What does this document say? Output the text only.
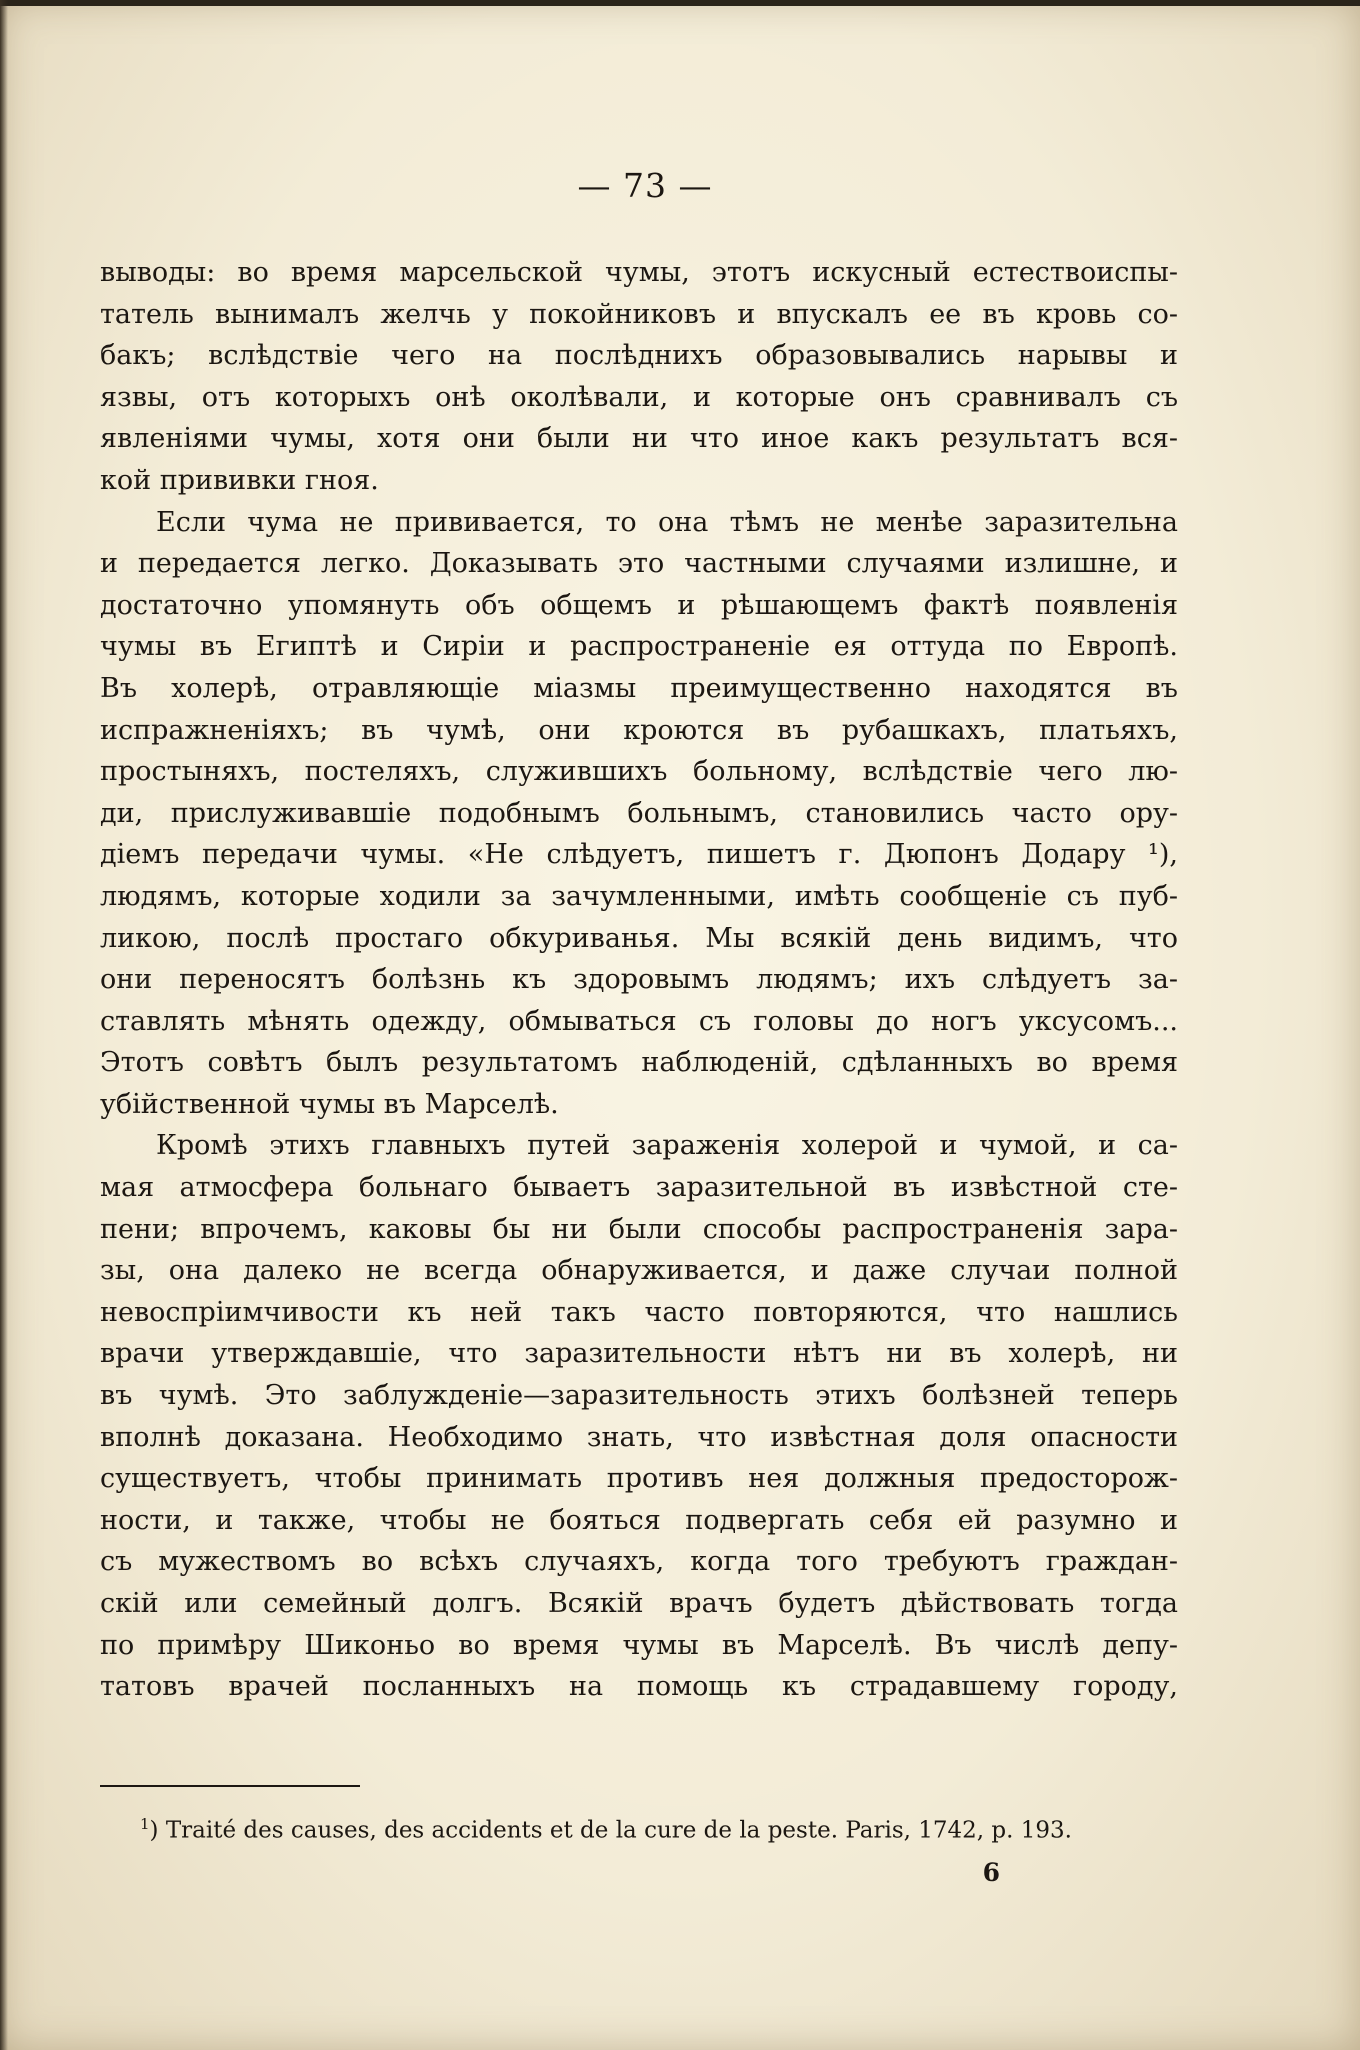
— 73 —
выводы: во время марсельской чумы, этотъ искусный естествоиспы-
татель вынималъ желчь у покойниковъ и впускалъ ее въ кровь со-
бакъ; вслѣдствіе чего на послѣднихъ образовывались нарывы и
язвы, отъ которыхъ онѣ околѣвали, и которые онъ сравнивалъ съ
явленіями чумы, хотя они были ни что иное какъ результатъ вся-
кой прививки гноя.
Если чума не прививается, то она тѣмъ не менѣе заразительна
и передается легко. Доказывать это частными случаями излишне, и
достаточно упомянуть объ общемъ и рѣшающемъ фактѣ появленія
чумы въ Египтѣ и Сиріи и распространеніе ея оттуда по Европѣ.
Въ холерѣ, отравляющіе міазмы преимущественно находятся въ
испражненіяхъ; въ чумѣ, они кроются въ рубашкахъ, платьяхъ,
простыняхъ, постеляхъ, служившихъ больному, вслѣдствіе чего лю-
ди, прислуживавшіе подобнымъ больнымъ, становились часто ору-
діемъ передачи чумы. «Не слѣдуетъ, пишетъ г. Дюпонъ Додару ¹),
людямъ, которые ходили за зачумленными, имѣть сообщеніе съ пуб-
ликою, послѣ простаго обкуриванья. Мы всякій день видимъ, что
они переносятъ болѣзнь къ здоровымъ людямъ; ихъ слѣдуетъ за-
ставлять мѣнять одежду, обмываться съ головы до ногъ уксусомъ...
Этотъ совѣтъ былъ результатомъ наблюденій, сдѣланныхъ во время
убійственной чумы въ Марселѣ.
Кромѣ этихъ главныхъ путей зараженія холерой и чумой, и са-
мая атмосфера больнаго бываетъ заразительной въ извѣстной сте-
пени; впрочемъ, каковы бы ни были способы распространенія зара-
зы, она далеко не всегда обнаруживается, и даже случаи полной
невоспріимчивости къ ней такъ часто повторяются, что нашлись
врачи утверждавшіе, что заразительности нѣтъ ни въ холерѣ, ни
въ чумѣ. Это заблужденіе—заразительность этихъ болѣзней теперь
вполнѣ доказана. Необходимо знать, что извѣстная доля опасности
существуетъ, чтобы принимать противъ нея должныя предосторож-
ности, и также, чтобы не бояться подвергать себя ей разумно и
съ мужествомъ во всѣхъ случаяхъ, когда того требуютъ граждан-
скій или семейный долгъ. Всякій врачъ будетъ дѣйствовать тогда
по примѣру Шиконьо во время чумы въ Марселѣ. Въ числѣ депу-
татовъ врачей посланныхъ на помощь къ страдавшему городу,
$^1$) Traité des causes, des accidents et de la cure de la peste. Paris, 1742, p. 193.
6
